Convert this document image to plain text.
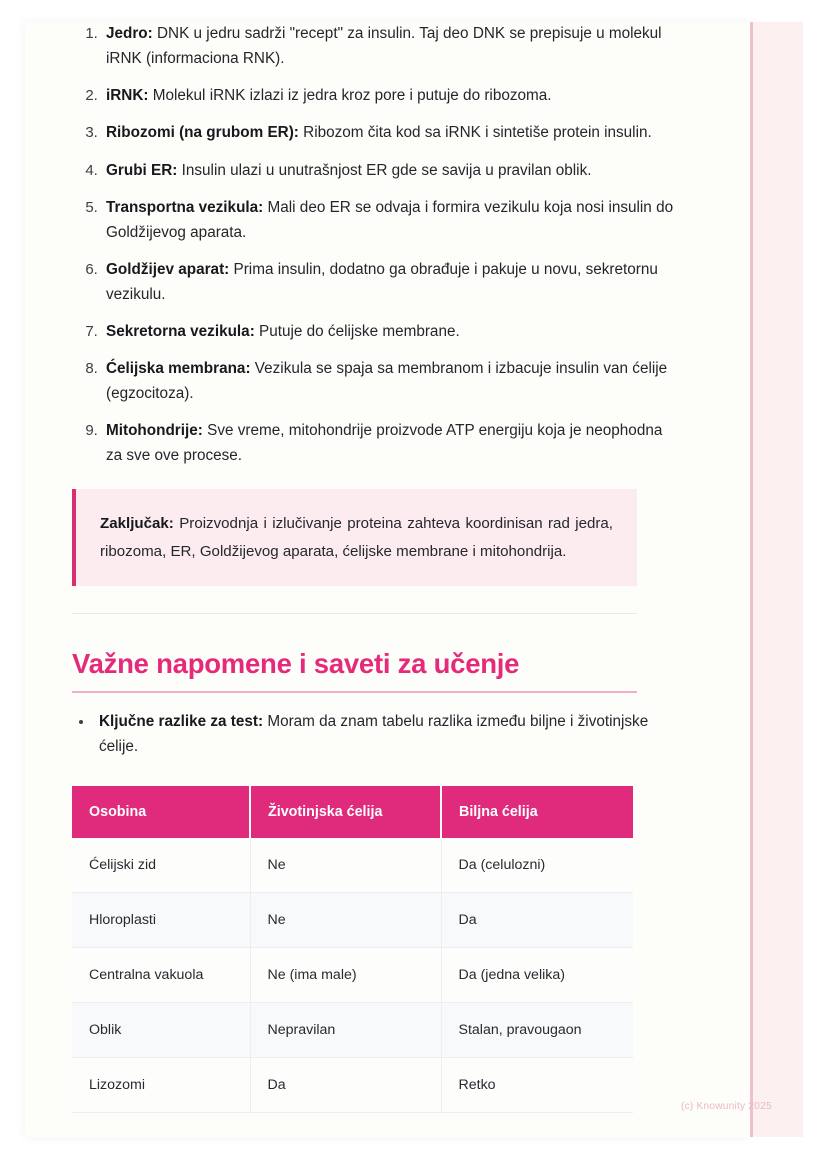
1. Jedro: DNK u jedru sadrži "recept" za insulin. Taj deo DNK se prepisuje u molekul iRNK (informaciona RNK).
2. iRNK: Molekul iRNK izlazi iz jedra kroz pore i putuje do ribozoma.
3. Ribozomi (na grubom ER): Ribozom čita kod sa iRNK i sintetiše protein insulin.
4. Grubi ER: Insulin ulazi u unutrašnjost ER gde se savija u pravilan oblik.
5. Transportna vezikula: Mali deo ER se odvaja i formira vezikulu koja nosi insulin do Goldžijevog aparata.
6. Goldžijev aparat: Prima insulin, dodatno ga obrađuje i pakuje u novu, sekretornu vezikulu.
7. Sekretorna vezikula: Putuje do ćelijske membrane.
8. Ćelijska membrana: Vezikula se spaja sa membranom i izbacuje insulin van ćelije (egzocitoza).
9. Mitohondrije: Sve vreme, mitohondrije proizvode ATP energiju koja je neophodna za sve ove procese.

Zaključak: Proizvodnja i izlučivanje proteina zahteva koordinisan rad jedra, ribozoma, ER, Goldžijevog aparata, ćelijske membrane i mitohondrija.

Važne napomene i saveti za učenje
• Ključne razlike za test: Moram da znam tabelu razlika između biljne i životinjske ćelije.
Osobina	Životinjska ćelija	Biljna ćelija
Ćelijski zid	Ne	Da (celulozni)
Hloroplasti	Ne	Da
Centralna vakuola	Ne (ima male)	Da (jedna velika)
Oblik	Nepravilan	Stalan, pravougaon
Lizozomi	Da	Retko
(c) Knowunity 2025
